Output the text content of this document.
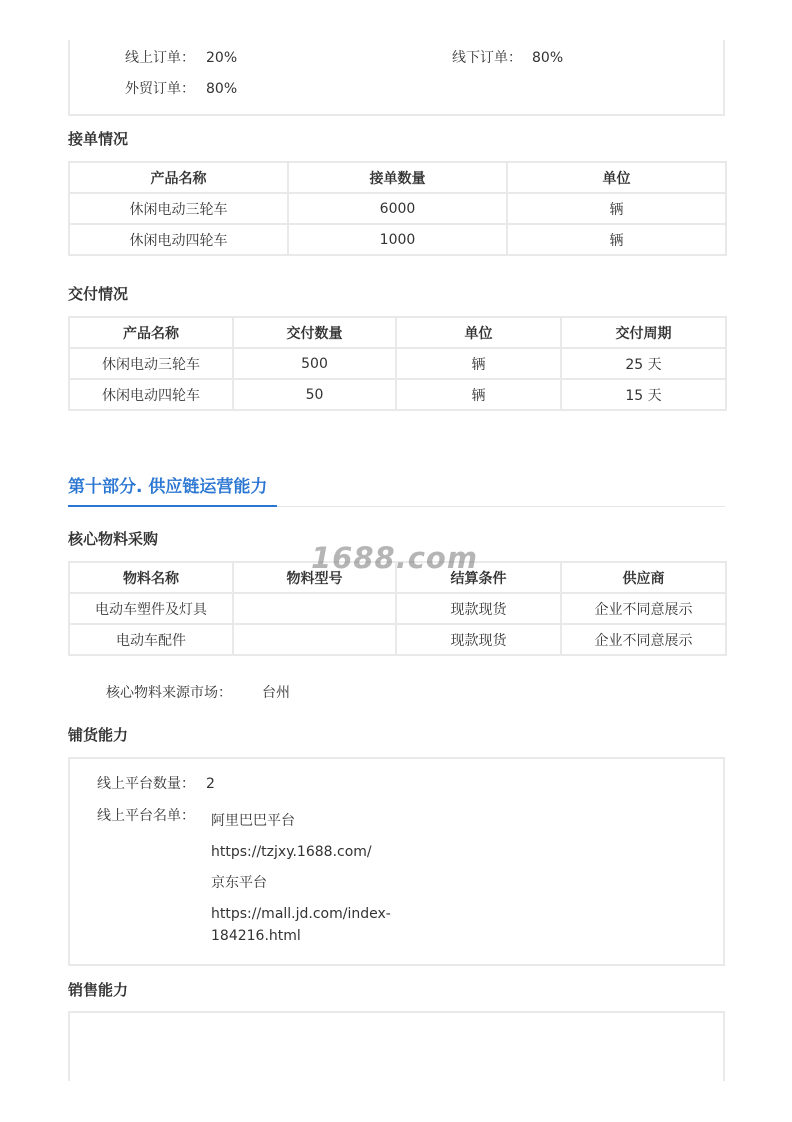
线上订单： 20%	线下订单： 80%
外贸订单： 80%
接单情况
产品名称	接单数量	单位
休闲电动三轮车	6000	辆
休闲电动四轮车	1000	辆
交付情况
产品名称	交付数量	单位	交付周期
休闲电动三轮车	500	辆	25 天
休闲电动四轮车	50	辆	15 天
第十部分. 供应链运营能力
核心物料采购
物料名称	物料型号	结算条件	供应商
电动车塑件及灯具		现款现货	企业不同意展示
电动车配件		现款现货	企业不同意展示
1688.com
核心物料来源市场： 台州
铺货能力
线上平台数量： 2
线上平台名单： 阿里巴巴平台
https://tzjxy.1688.com/
京东平台
https://mall.jd.com/index-
184216.html
销售能力
